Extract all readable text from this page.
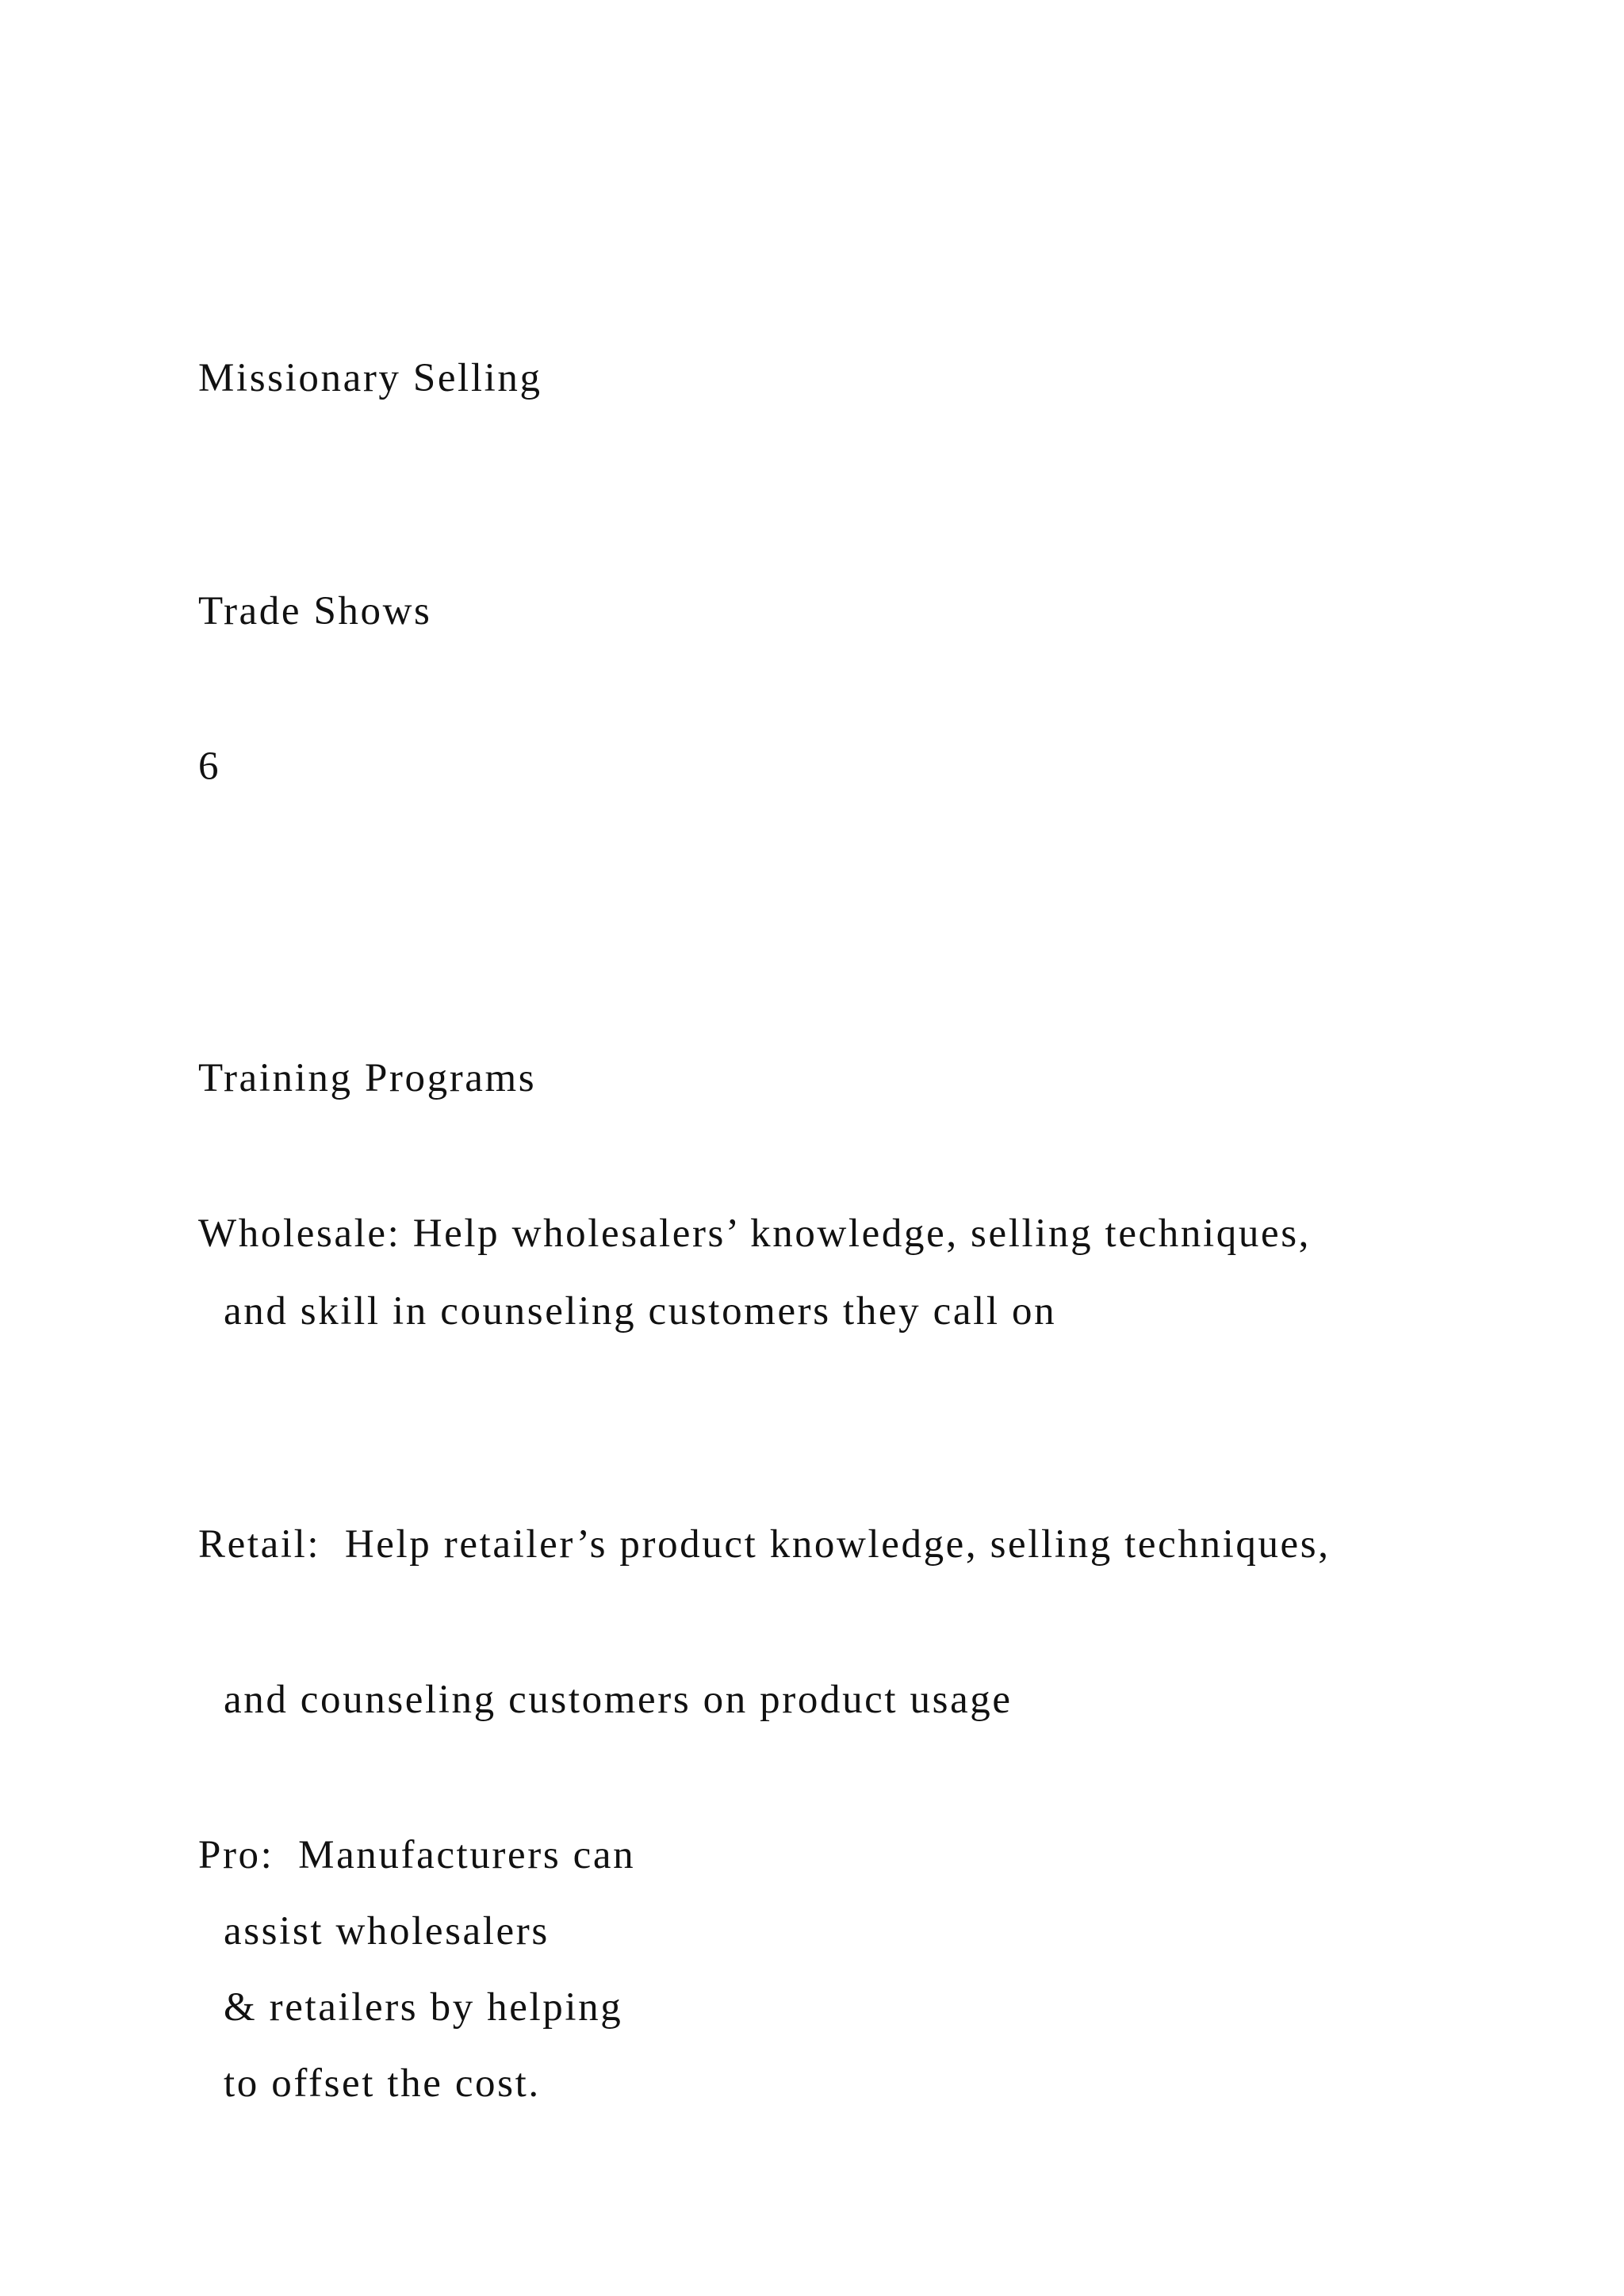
Missionary Selling

Trade Shows

6

Training Programs

Wholesale: Help wholesalers’ knowledge, selling techniques,

and skill in counseling customers they call on

Retail:  Help retailer’s product knowledge, selling techniques,

and counseling customers on product usage

Pro:  Manufacturers can

assist wholesalers

& retailers by helping

to offset the cost.
